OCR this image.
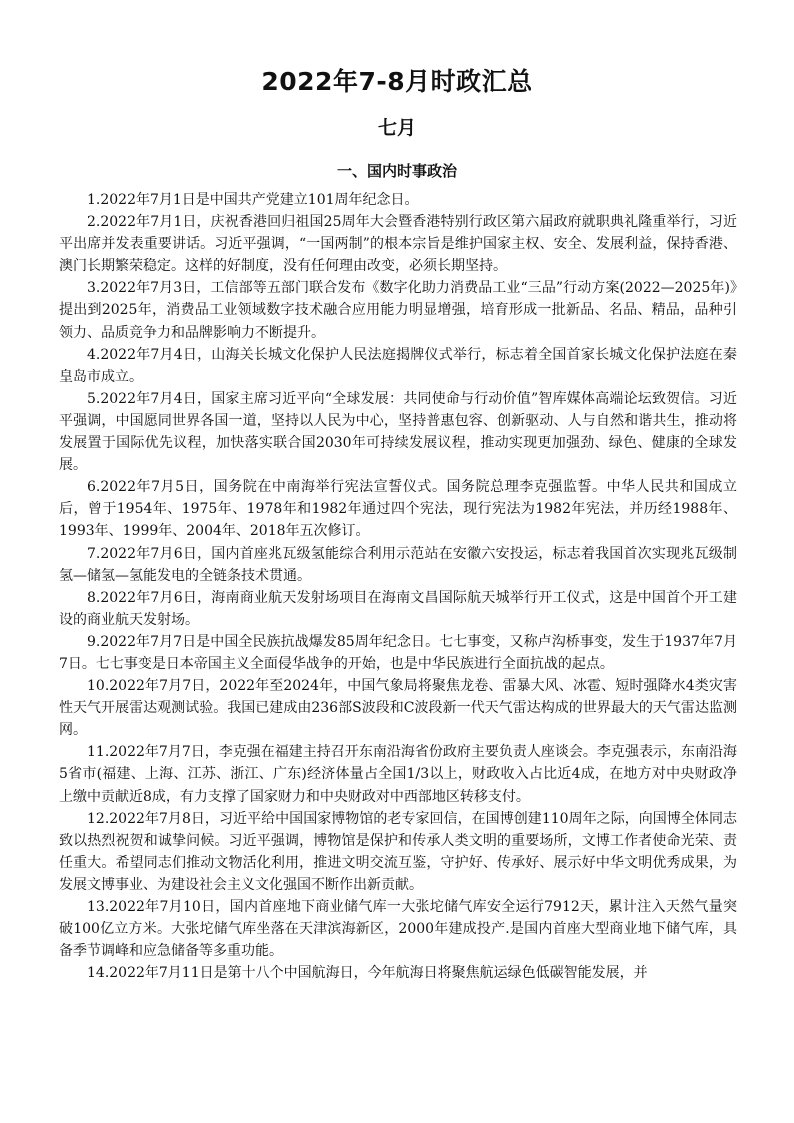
2022年7-8月时政汇总
七月
一、国内时事政治

1.2022年7月1日是中国共产党建立101周年纪念日。

2.2022年7月1日，庆祝香港回归祖国25周年大会暨香港特别行政区第六届政府就职典礼隆重举行，习近平出席并发表重要讲话。习近平强调，“一国两制”的根本宗旨是维护国家主权、安全、发展利益，保持香港、澳门长期繁荣稳定。这样的好制度，没有任何理由改变，必须长期坚持。

3.2022年7月3日，工信部等五部门联合发布《数字化助力消费品工业“三品”行动方案(2022—2025年)》提出到2025年，消费品工业领域数字技术融合应用能力明显增强，培育形成一批新品、名品、精品，品种引领力、品质竞争力和品牌影响力不断提升。

4.2022年7月4日，山海关长城文化保护人民法庭揭牌仪式举行，标志着全国首家长城文化保护法庭在秦皇岛市成立。

5.2022年7月4日，国家主席习近平向“全球发展：共同使命与行动价值”智库媒体高端论坛致贺信。习近平强调，中国愿同世界各国一道，坚持以人民为中心，坚持普惠包容、创新驱动、人与自然和谐共生，推动将发展置于国际优先议程，加快落实联合国2030年可持续发展议程，推动实现更加强劲、绿色、健康的全球发展。

6.2022年7月5日，国务院在中南海举行宪法宣誓仪式。国务院总理李克强监誓。中华人民共和国成立后，曾于1954年、1975年、1978年和1982年通过四个宪法，现行宪法为1982年宪法，并历经1988年、1993年、1999年、2004年、2018年五次修订。

7.2022年7月6日，国内首座兆瓦级氢能综合利用示范站在安徽六安投运，标志着我国首次实现兆瓦级制氢—储氢—氢能发电的全链条技术贯通。

8.2022年7月6日，海南商业航天发射场项目在海南文昌国际航天城举行开工仪式，这是中国首个开工建设的商业航天发射场。

9.2022年7月7日是中国全民族抗战爆发85周年纪念日。七七事变，又称卢沟桥事变，发生于1937年7月7日。七七事变是日本帝国主义全面侵华战争的开始，也是中华民族进行全面抗战的起点。

10.2022年7月7日，2022年至2024年，中国气象局将聚焦龙卷、雷暴大风、冰雹、短时强降水4类灾害性天气开展雷达观测试验。我国已建成由236部S波段和C波段新一代天气雷达构成的世界最大的天气雷达监测网。

11.2022年7月7日，李克强在福建主持召开东南沿海省份政府主要负责人座谈会。李克强表示，东南沿海5省市(福建、上海、江苏、浙江、广东)经济体量占全国1/3以上，财政收入占比近4成，在地方对中央财政净上缴中贡献近8成，有力支撑了国家财力和中央财政对中西部地区转移支付。

12.2022年7月8日，习近平给中国国家博物馆的老专家回信，在国博创建110周年之际，向国博全体同志致以热烈祝贺和诚挚问候。习近平强调，博物馆是保护和传承人类文明的重要场所，文博工作者使命光荣、责任重大。希望同志们推动文物活化利用，推进文明交流互鉴，守护好、传承好、展示好中华文明优秀成果，为发展文博事业、为建设社会主义文化强国不断作出新贡献。

13.2022年7月10日，国内首座地下商业储气库一大张坨储气库安全运行7912天，累计注入天然气量突破100亿立方米。大张坨储气库坐落在天津滨海新区，2000年建成投产.是国内首座大型商业地下储气库，具备季节调峰和应急储备等多重功能。

14.2022年7月11日是第十八个中国航海日，今年航海日将聚焦航运绿色低碳智能发展，并
